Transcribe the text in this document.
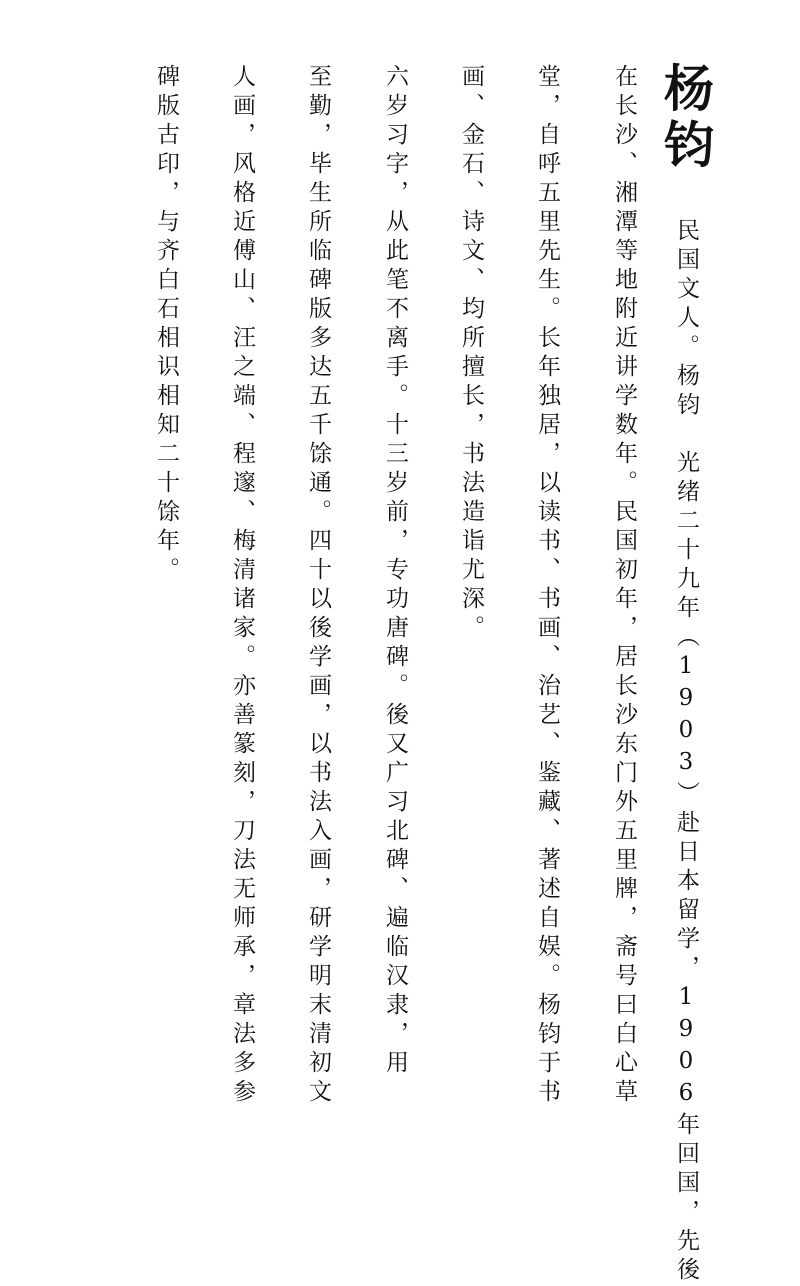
杨钧

民国文人。杨钧　光绪二十九年（1903）赴日本留学，1906年回国，先後

在长沙、湘潭等地附近讲学数年。民国初年，居长沙东门外五里牌，斋号曰白心草

堂，自呼五里先生。长年独居，以读书、书画、治艺、鉴藏、著述自娱。杨钧于书

画、金石、诗文、均所擅长，书法造诣尤深。

六岁习字，从此笔不离手。十三岁前，专功唐碑。後又广习北碑、遍临汉隶，用

至勤，毕生所临碑版多达五千馀通。四十以後学画，以书法入画，研学明末清初文

人画，风格近傅山、汪之端、程邃、梅清诸家。亦善篆刻，刀法无师承，章法多参

碑版古印，与齐白石相识相知二十馀年。
